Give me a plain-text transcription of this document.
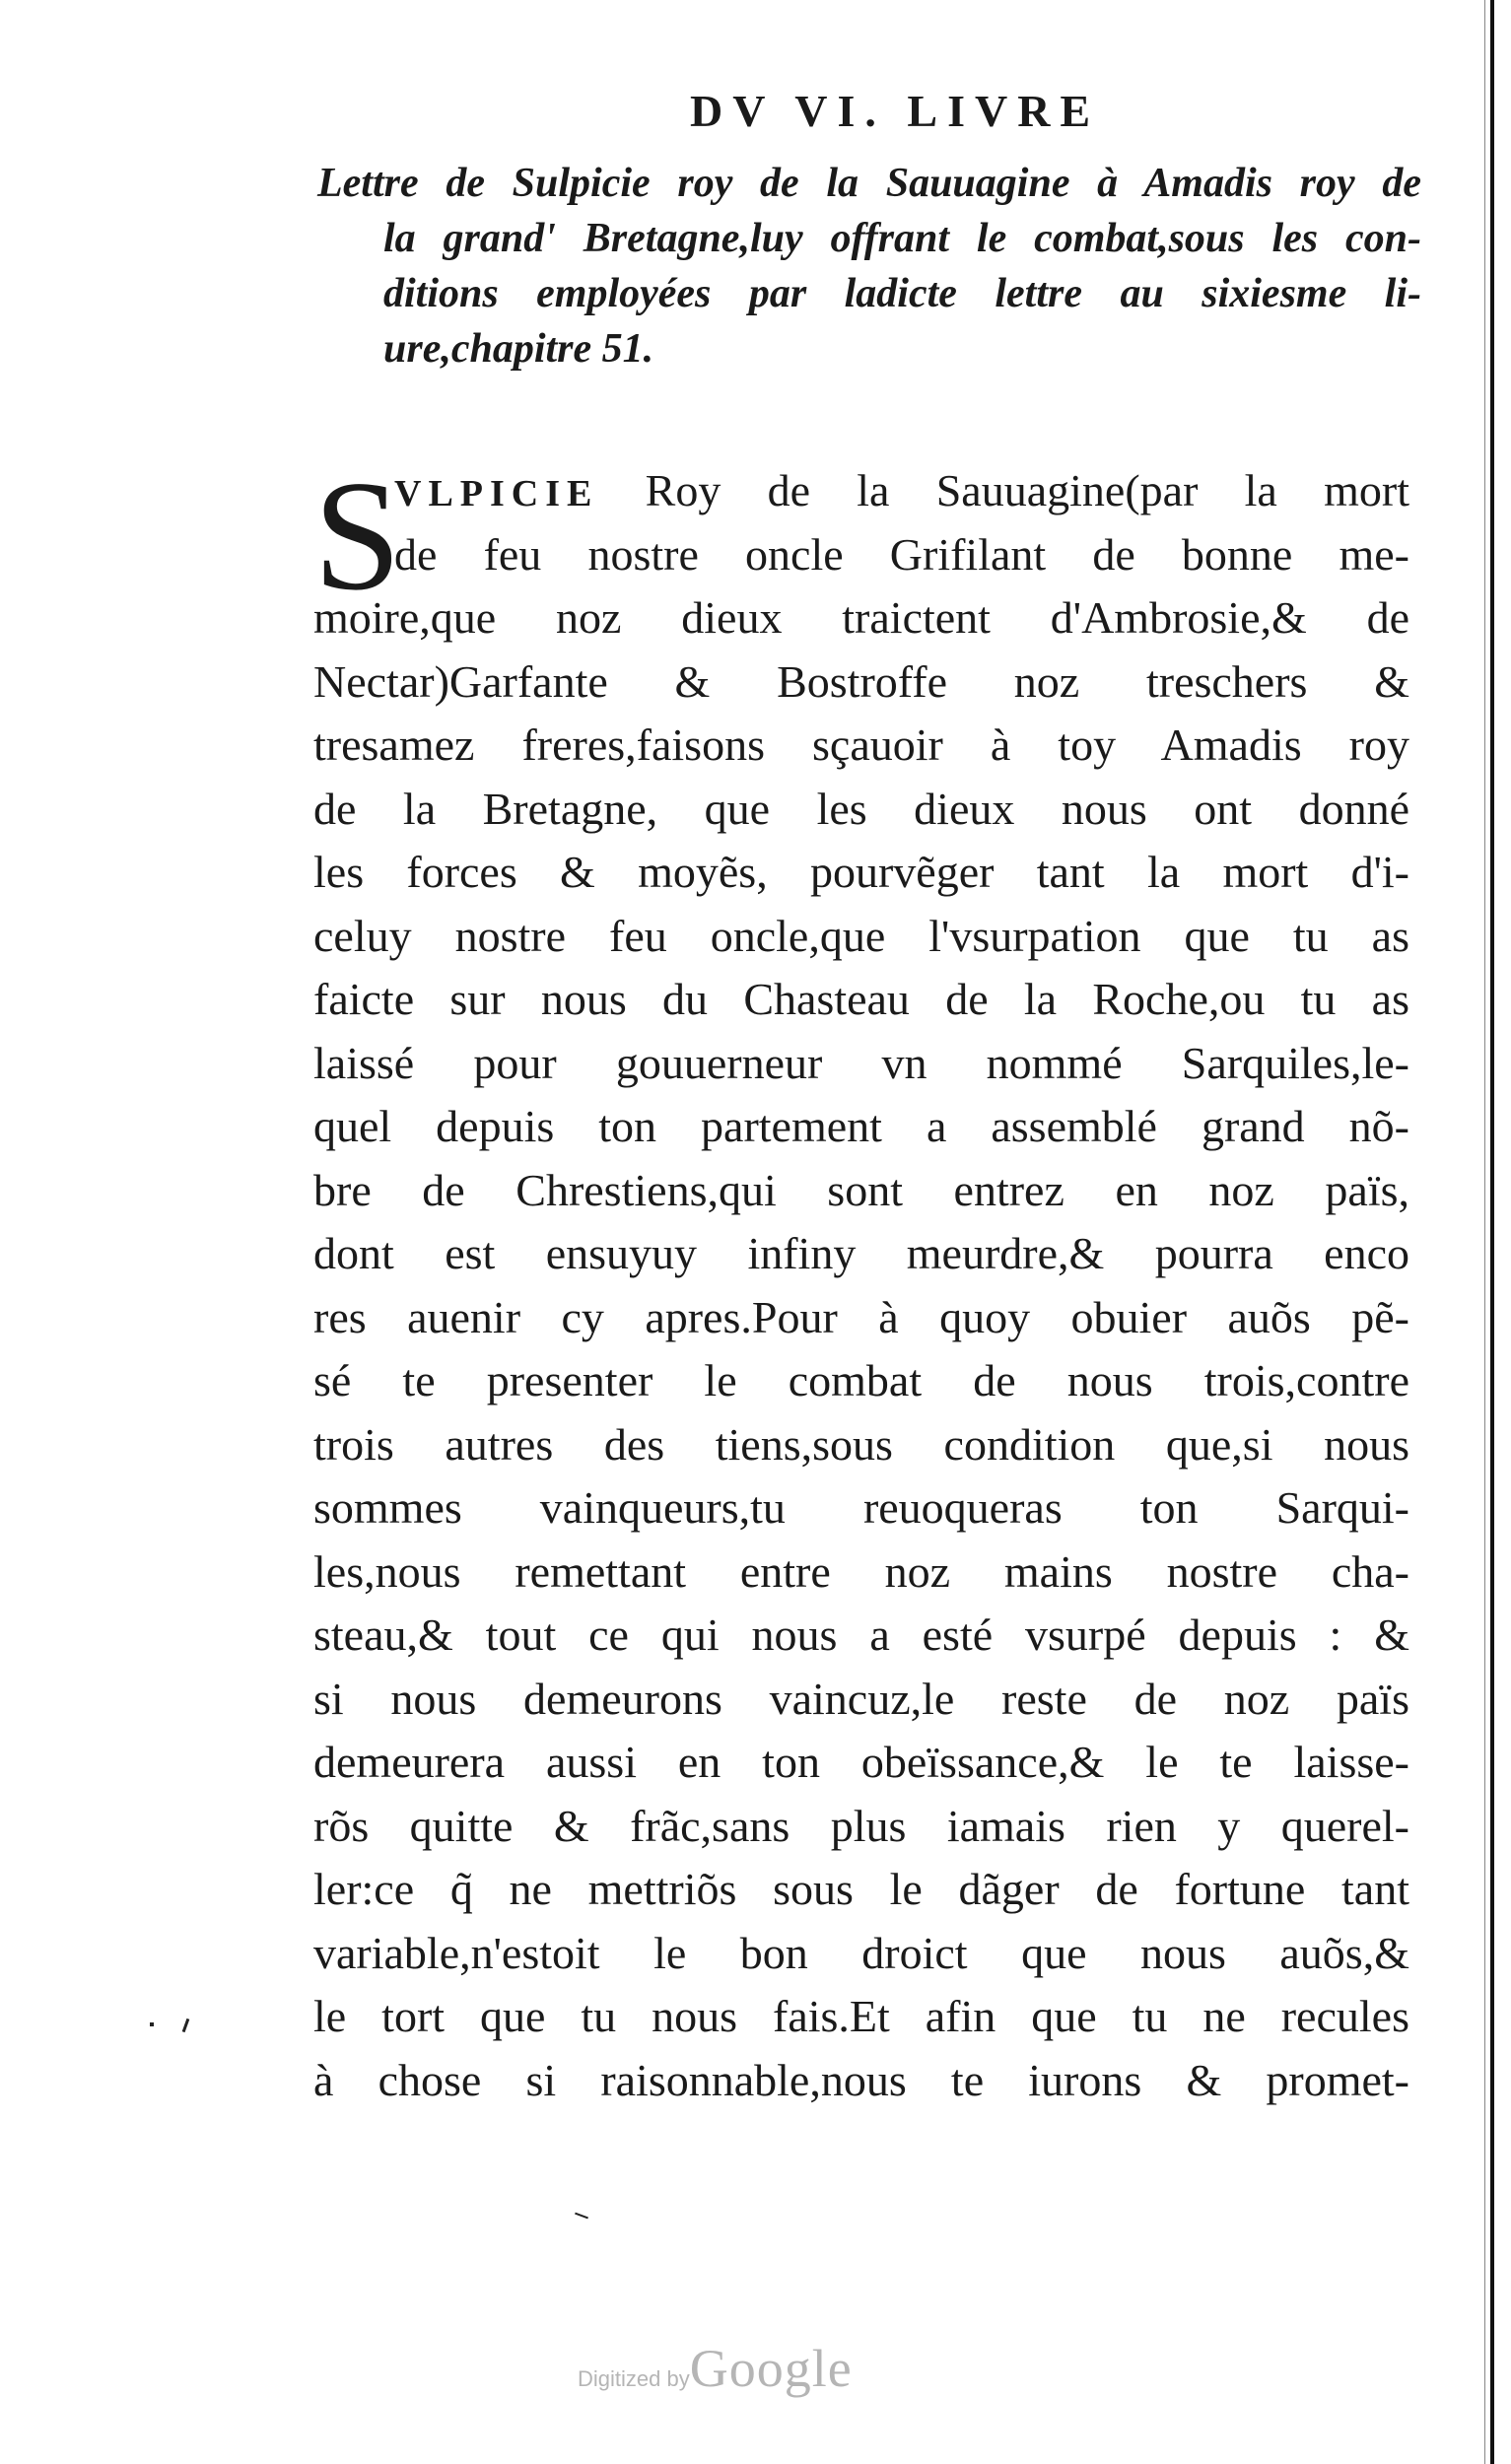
DV VI. LIVRE
Lettre de Sulpicie roy de la Sauuagine à Amadis roy de
la grand' Bretagne,luy offrant le combat,sous les con-
ditions employées par ladicte lettre au sixiesme li-
ure,chapitre 51.
S
VLPICIE Roy de la Sauuagine(par la mort
de feu nostre oncle Grifilant de bonne me-
moire,que noz dieux traictent d'Ambrosie,& de
Nectar)Garfante & Bostroffe noz treschers &
tresamez freres,faisons sçauoir à toy Amadis roy
de la Bretagne, que les dieux nous ont donné
les forces & moyẽs, pourvẽger tant la mort d'i-
celuy nostre feu oncle,que l'vsurpation que tu as
faicte sur nous du Chasteau de la Roche,ou tu as
laissé pour gouuerneur vn nommé Sarquiles,le-
quel depuis ton partement a assemblé grand nõ-
bre de Chrestiens,qui sont entrez en noz païs,
dont est ensuyuy infiny meurdre,& pourra enco
res auenir cy apres.Pour à quoy obuier auõs pẽ-
sé te presenter le combat de nous trois,contre
trois autres des tiens,sous condition que,si nous
sommes vainqueurs,tu reuoqueras ton Sarqui-
les,nous remettant entre noz mains nostre cha-
steau,& tout ce qui nous a esté vsurpé depuis : &
si nous demeurons vaincuz,le reste de noz païs
demeurera aussi en ton obeïssance,& le te laisse-
rõs quitte & frãc,sans plus iamais rien y querel-
ler:ce q̃ ne mettriõs sous le dãger de fortune tant
variable,n'estoit le bon droict que nous auõs,&
le tort que tu nous fais.Et afin que tu ne recules
à chose si raisonnable,nous te iurons & promet-
Digitized byGoogle
